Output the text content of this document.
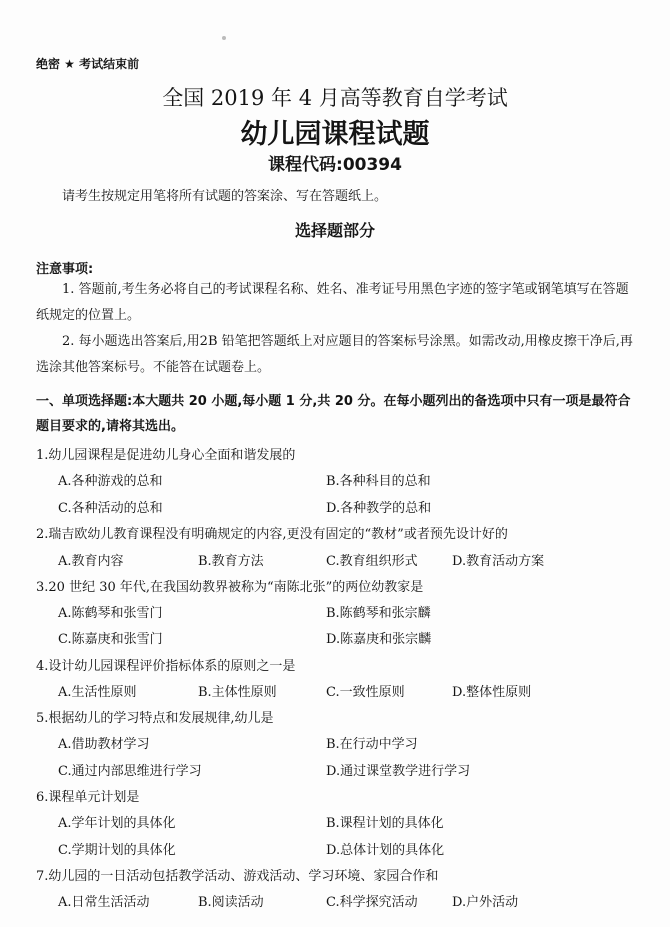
绝密 ★ 考试结束前
全国 2019 年 4 月高等教育自学考试
幼儿园课程试题
课程代码:00394
请考生按规定用笔将所有试题的答案涂、写在答题纸上。
选择题部分
注意事项:
1. 答题前,考生务必将自己的考试课程名称、姓名、准考证号用黑色字迹的签字笔或钢笔填写在答题纸规定的位置上。
2. 每小题选出答案后,用2B 铅笔把答题纸上对应题目的答案标号涂黑。如需改动,用橡皮擦干净后,再选涂其他答案标号。不能答在试题卷上。
一、单项选择题:本大题共 20 小题,每小题 1 分,共 20 分。在每小题列出的备选项中只有一项是最符合题目要求的,请将其选出。
1.幼儿园课程是促进幼儿身心全面和谐发展的
A.各种游戏的总和	B.各种科目的总和
C.各种活动的总和	D.各种教学的总和
2.瑞吉欧幼儿教育课程没有明确规定的内容,更没有固定的“教材”或者预先设计好的
A.教育内容	B.教育方法	C.教育组织形式	D.教育活动方案
3.20 世纪 30 年代,在我国幼教界被称为“南陈北张”的两位幼教家是
A.陈鹤琴和张雪门	B.陈鹤琴和张宗麟
C.陈嘉庚和张雪门	D.陈嘉庚和张宗麟
4.设计幼儿园课程评价指标体系的原则之一是
A.生活性原则	B.主体性原则	C.一致性原则	D.整体性原则
5.根据幼儿的学习特点和发展规律,幼儿是
A.借助教材学习	B.在行动中学习
C.通过内部思维进行学习	D.通过课堂教学进行学习
6.课程单元计划是
A.学年计划的具体化	B.课程计划的具体化
C.学期计划的具体化	D.总体计划的具体化
7.幼儿园的一日活动包括教学活动、游戏活动、学习环境、家园合作和
A.日常生活活动	B.阅读活动	C.科学探究活动	D.户外活动
